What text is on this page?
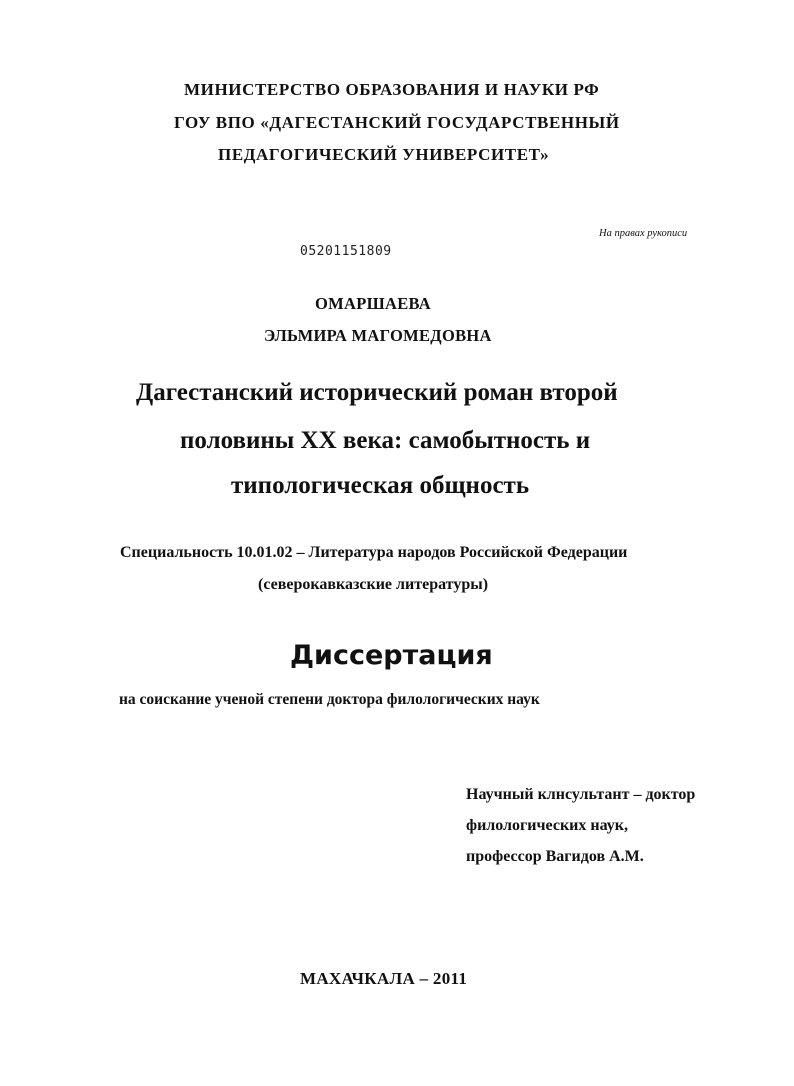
МИНИСТЕРСТВО ОБРАЗОВАНИЯ И НАУКИ РФ
ГОУ ВПО «ДАГЕСТАНСКИЙ ГОСУДАРСТВЕННЫЙ
ПЕДАГОГИЧЕСКИЙ УНИВЕРСИТЕТ»
На правах рукописи
05201151809
ОМАРШАЕВА
ЭЛЬМИРА МАГОМЕДОВНА
Дагестанский исторический роман второй
половины XX века: самобытность и
типологическая общность
Специальность 10.01.02 – Литература народов Российской Федерации
(северокавказские литературы)
Диссертация
на соискание ученой степени доктора филологических наук
Научный клнсультант – доктор
филологических наук,
профессор Вагидов А.М.
МАХАЧКАЛА – 2011
